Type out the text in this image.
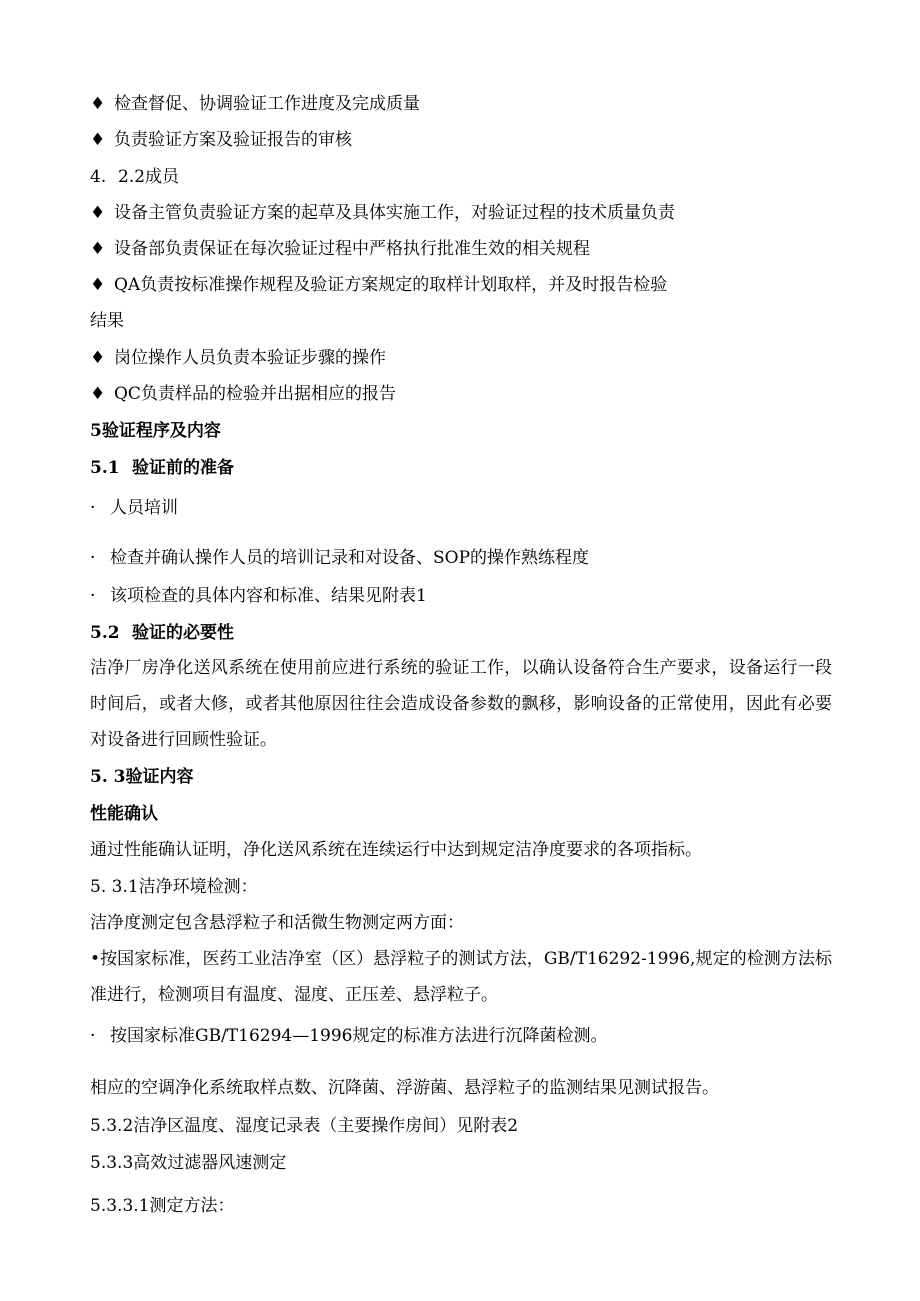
♦ 检查督促、协调验证工作进度及完成质量
♦ 负责验证方案及验证报告的审核
4. 2.2成员
♦ 设备主管负责验证方案的起草及具体实施工作，对验证过程的技术质量负责
♦ 设备部负责保证在每次验证过程中严格执行批准生效的相关规程
♦ QA负责按标准操作规程及验证方案规定的取样计划取样，并及时报告检验
结果
♦ 岗位操作人员负责本验证步骤的操作
♦ QC负责样品的检验并出据相应的报告
5验证程序及内容
5.1 验证前的准备
· 人员培训
· 检查并确认操作人员的培训记录和对设备、SOP的操作熟练程度
· 该项检查的具体内容和标准、结果见附表1
5.2 验证的必要性
洁净厂房净化送风系统在使用前应进行系统的验证工作，以确认设备符合生产要求，设备运行一段时间后，或者大修，或者其他原因往往会造成设备参数的飘移，影响设备的正常使用，因此有必要对设备进行回顾性验证。
5. 3验证内容
性能确认
通过性能确认证明，净化送风系统在连续运行中达到规定洁净度要求的各项指标。
5. 3.1洁净环境检测：
洁净度测定包含悬浮粒子和活微生物测定两方面：
•按国家标准，医药工业洁净室（区）悬浮粒子的测试方法，GB/T16292-1996,规定的检测方法标准进行，检测项目有温度、湿度、正压差、悬浮粒子。
· 按国家标准GB/T16294—1996规定的标准方法进行沉降菌检测。
相应的空调净化系统取样点数、沉降菌、浮游菌、悬浮粒子的监测结果见测试报告。
5.3.2洁净区温度、湿度记录表（主要操作房间）见附表2
5.3.3高效过滤器风速测定
5.3.3.1测定方法：
